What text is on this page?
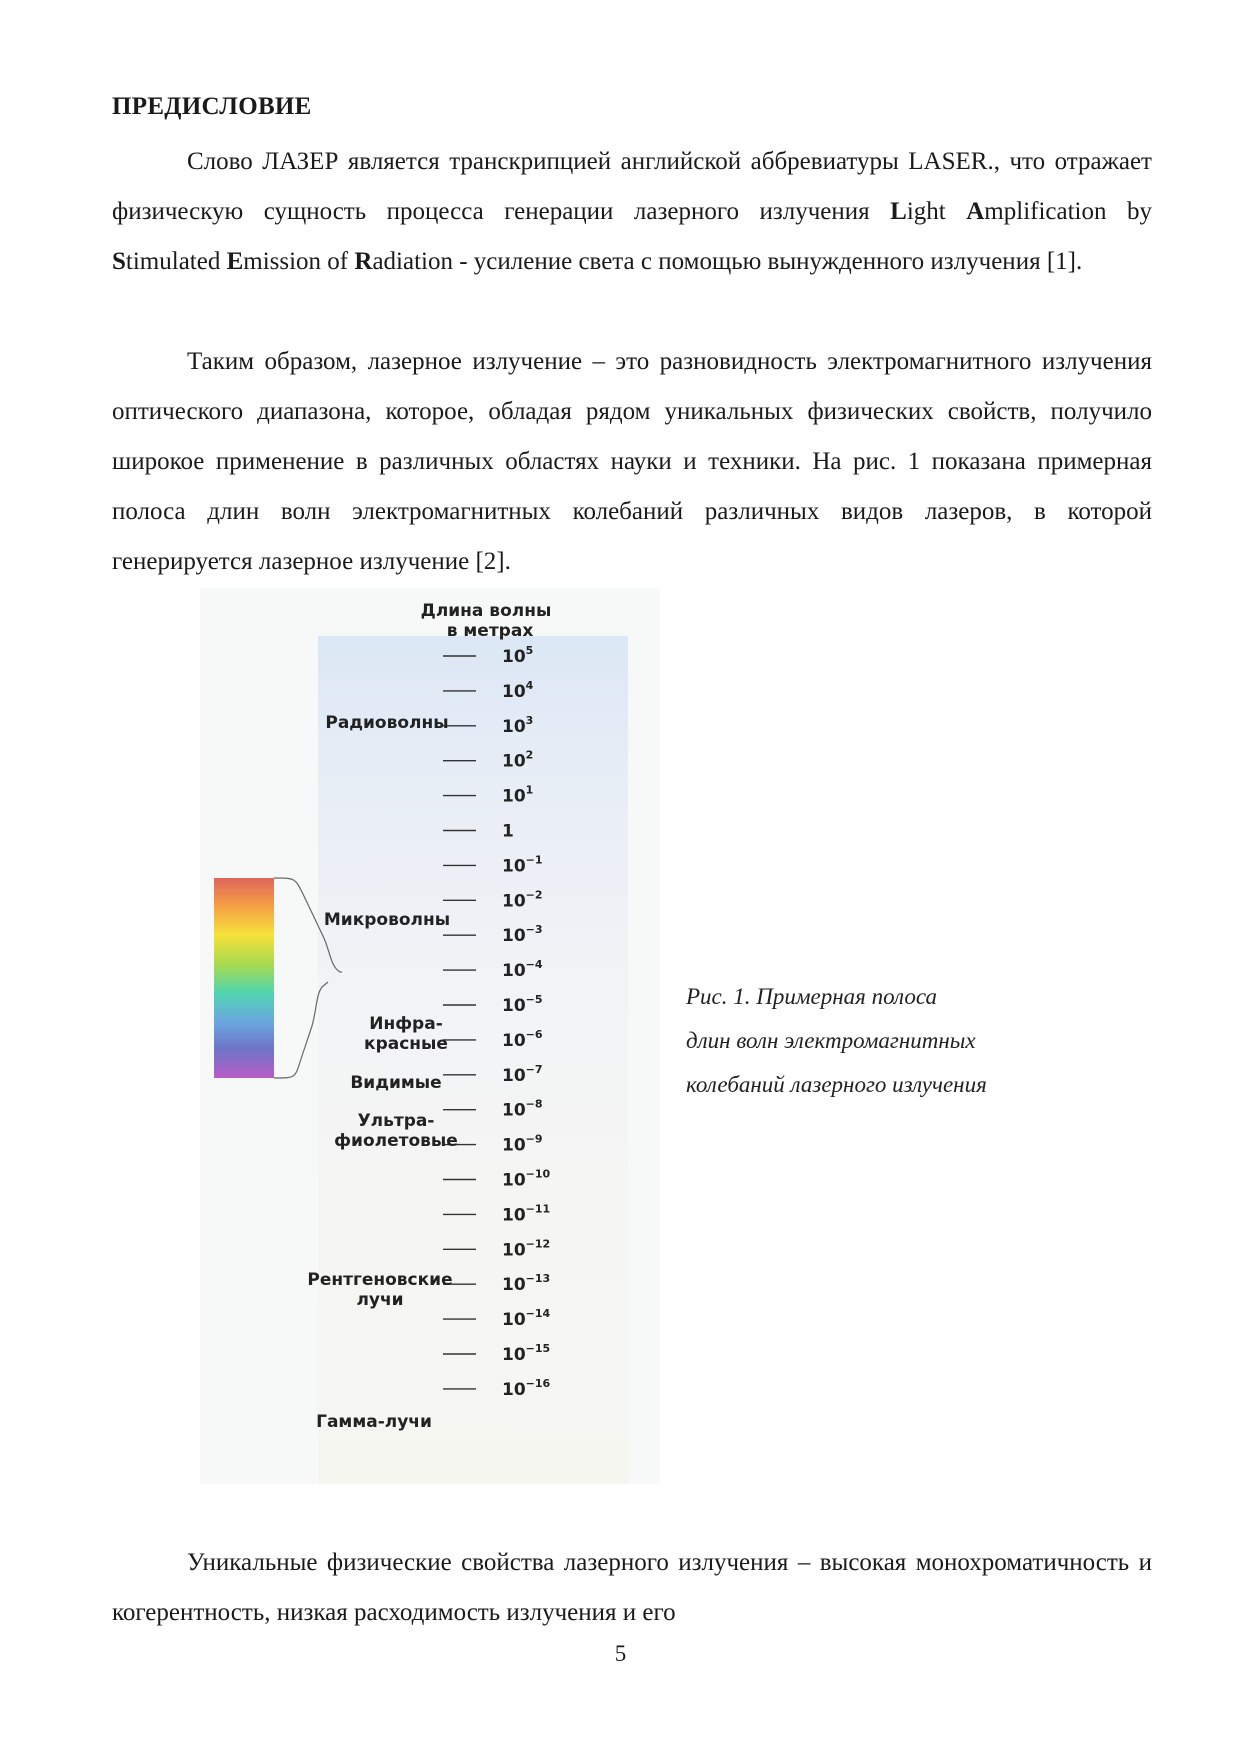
ПРЕДИСЛОВИЕ

Слово ЛАЗЕР является транскрипцией английской аббревиатуры LASER., что отражает физическую сущность процесса генерации лазерного излучения Light Amplification by Stimulated Emission of Radiation - усиление света с помощью вынужденного излучения [1].

Таким образом, лазерное излучение – это разновидность электромагнитного излучения оптического диапазона, которое, обладая рядом уникальных физических свойств, получило широкое применение в различных областях науки и техники. На рис. 1 показана примерная полоса длин волн электромагнитных колебаний различных видов лазеров, в которой генерируется лазерное излучение [2].

Длина волны
в метрах
$10^5$
$10^4$
$10^3$
$10^2$
$10^1$
1
$10^{-1}$
$10^{-2}$
$10^{-3}$
$10^{-4}$
$10^{-5}$
$10^{-6}$
$10^{-7}$
$10^{-8}$
$10^{-9}$
$10^{-10}$
$10^{-11}$
$10^{-12}$
$10^{-13}$
$10^{-14}$
$10^{-15}$
$10^{-16}$
Радиоволны
Микроволны
Инфра-
красные
Видимые
Ультра-
фиолетовые
Рентгеновские
лучи
Гамма-лучи

Рис. 1. Примерная полоса
длин волн электромагнитных
колебаний лазерного излучения

Уникальные физические свойства лазерного излучения – высокая монохроматичность и когерентность, низкая расходимость излучения и его

5
